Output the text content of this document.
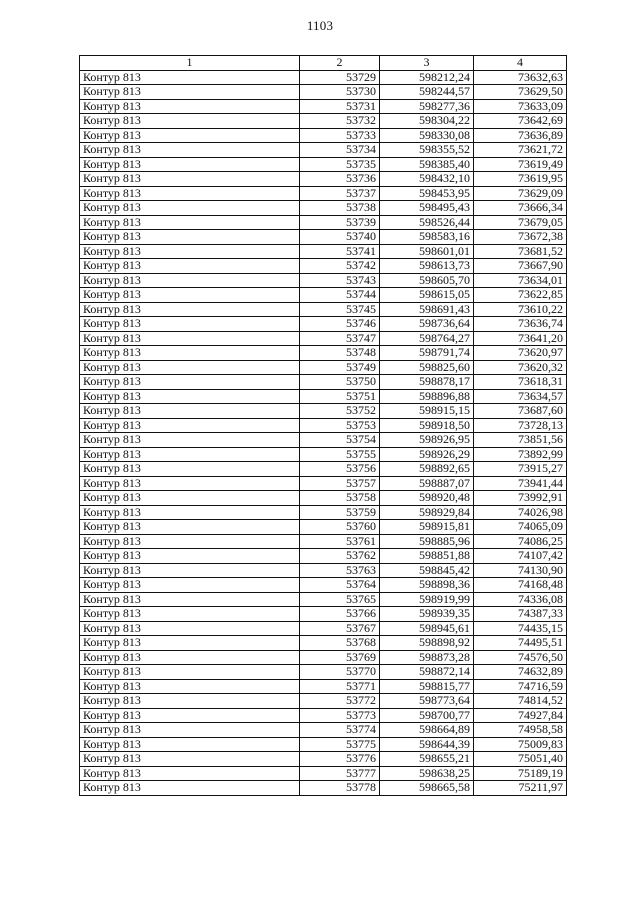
1103
1	2	3	4
Контур 813	53729	598212,24	73632,63
Контур 813	53730	598244,57	73629,50
Контур 813	53731	598277,36	73633,09
Контур 813	53732	598304,22	73642,69
Контур 813	53733	598330,08	73636,89
Контур 813	53734	598355,52	73621,72
Контур 813	53735	598385,40	73619,49
Контур 813	53736	598432,10	73619,95
Контур 813	53737	598453,95	73629,09
Контур 813	53738	598495,43	73666,34
Контур 813	53739	598526,44	73679,05
Контур 813	53740	598583,16	73672,38
Контур 813	53741	598601,01	73681,52
Контур 813	53742	598613,73	73667,90
Контур 813	53743	598605,70	73634,01
Контур 813	53744	598615,05	73622,85
Контур 813	53745	598691,43	73610,22
Контур 813	53746	598736,64	73636,74
Контур 813	53747	598764,27	73641,20
Контур 813	53748	598791,74	73620,97
Контур 813	53749	598825,60	73620,32
Контур 813	53750	598878,17	73618,31
Контур 813	53751	598896,88	73634,57
Контур 813	53752	598915,15	73687,60
Контур 813	53753	598918,50	73728,13
Контур 813	53754	598926,95	73851,56
Контур 813	53755	598926,29	73892,99
Контур 813	53756	598892,65	73915,27
Контур 813	53757	598887,07	73941,44
Контур 813	53758	598920,48	73992,91
Контур 813	53759	598929,84	74026,98
Контур 813	53760	598915,81	74065,09
Контур 813	53761	598885,96	74086,25
Контур 813	53762	598851,88	74107,42
Контур 813	53763	598845,42	74130,90
Контур 813	53764	598898,36	74168,48
Контур 813	53765	598919,99	74336,08
Контур 813	53766	598939,35	74387,33
Контур 813	53767	598945,61	74435,15
Контур 813	53768	598898,92	74495,51
Контур 813	53769	598873,28	74576,50
Контур 813	53770	598872,14	74632,89
Контур 813	53771	598815,77	74716,59
Контур 813	53772	598773,64	74814,52
Контур 813	53773	598700,77	74927,84
Контур 813	53774	598664,89	74958,58
Контур 813	53775	598644,39	75009,83
Контур 813	53776	598655,21	75051,40
Контур 813	53777	598638,25	75189,19
Контур 813	53778	598665,58	75211,97
